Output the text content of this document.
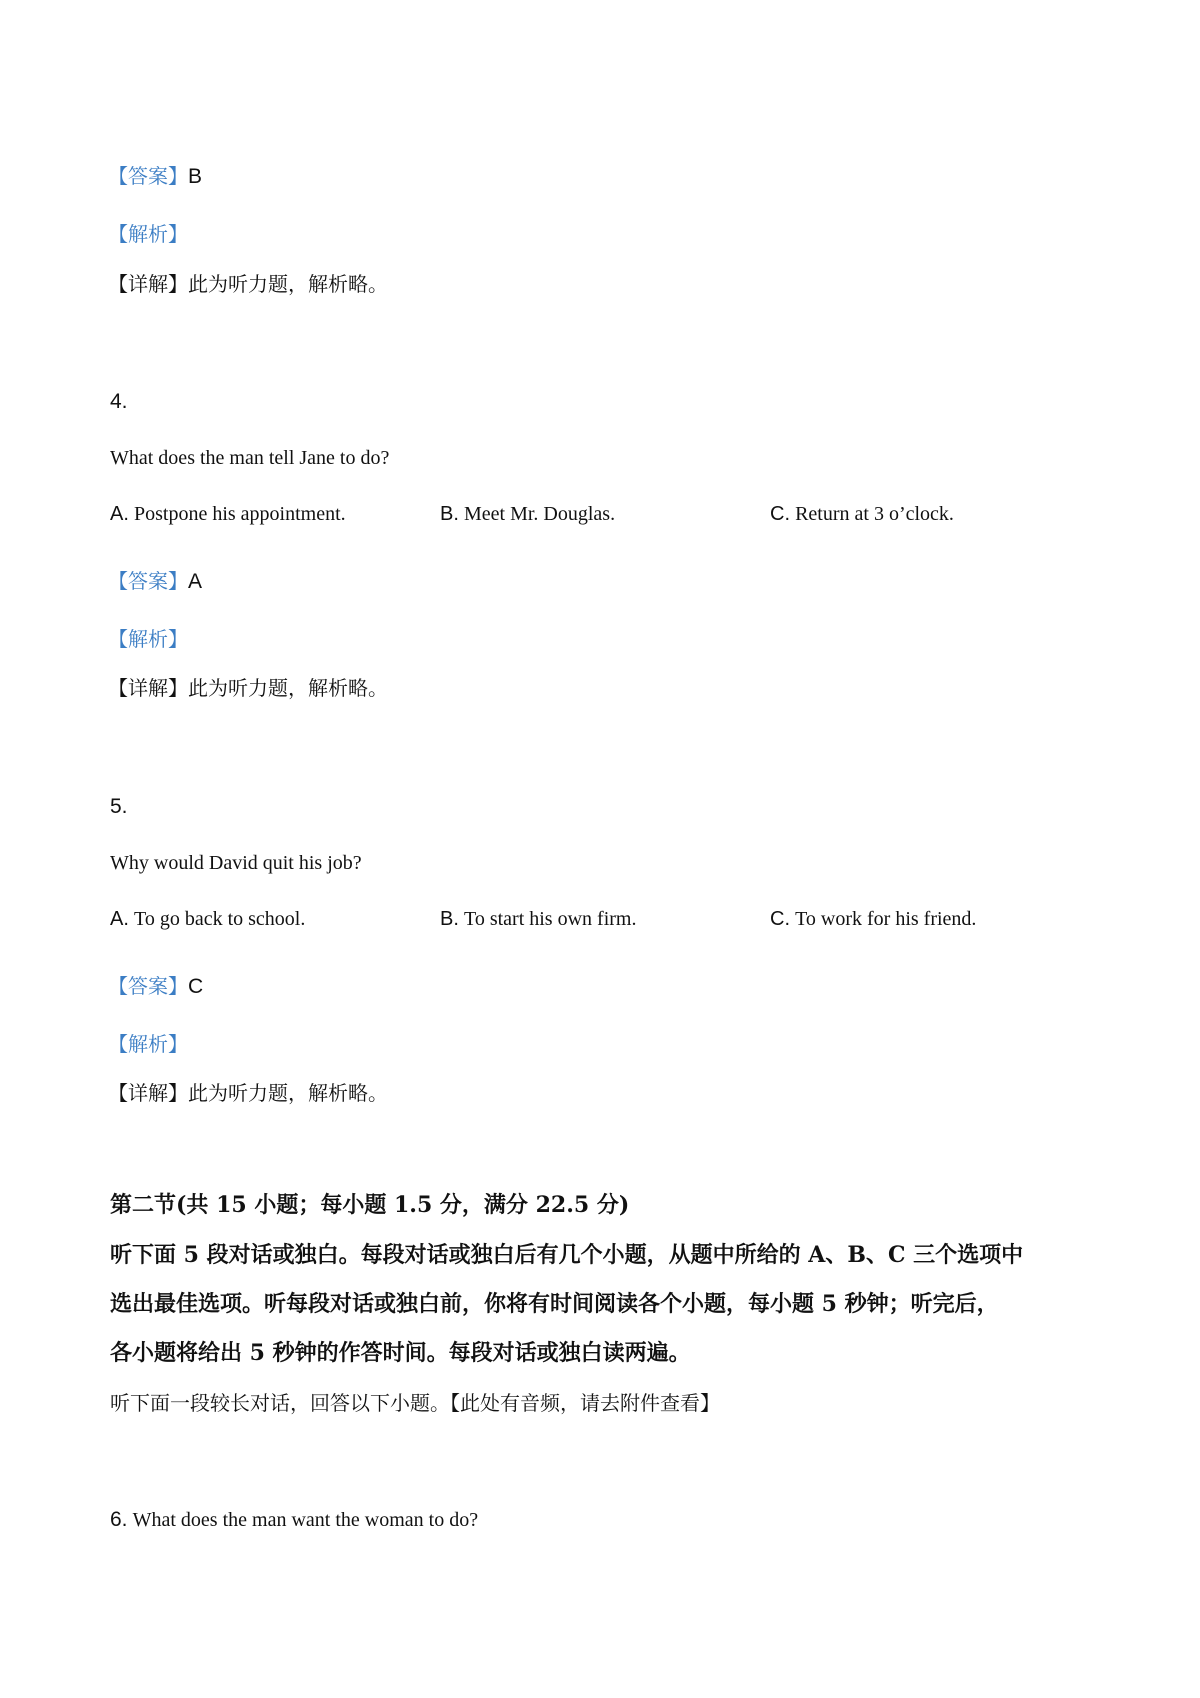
【答案】B
【解析】
【详解】此为听力题，解析略。
4.
What does the man tell Jane to do?
A. Postpone his appointment.	B. Meet Mr. Douglas.	C. Return at 3 o’clock.
【答案】A
【解析】
【详解】此为听力题，解析略。
5.
Why would David quit his job?
A. To go back to school.	B. To start his own firm.	C. To work for his friend.
【答案】C
【解析】
【详解】此为听力题，解析略。
第二节(共 15 小题；每小题 1.5 分，满分 22.5 分)
听下面 5 段对话或独白。每段对话或独白后有几个小题，从题中所给的 A、B、C 三个选项中
选出最佳选项。听每段对话或独白前，你将有时间阅读各个小题，每小题 5 秒钟；听完后，
各小题将给出 5 秒钟的作答时间。每段对话或独白读两遍。
听下面一段较长对话，回答以下小题。【此处有音频，请去附件查看】
6. What does the man want the woman to do?
